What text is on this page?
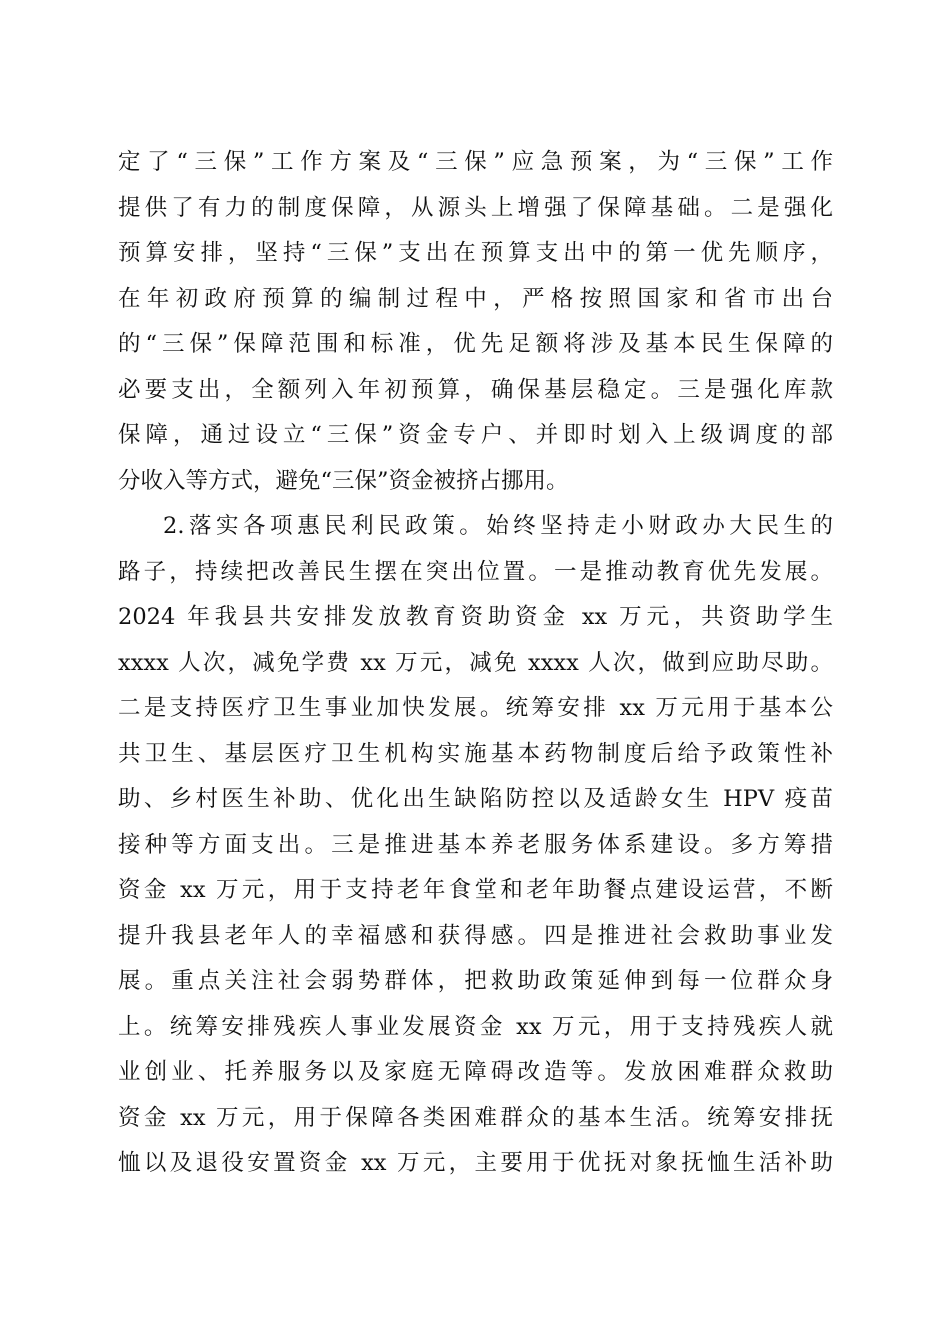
定了“三保”工作方案及“三保”应急预案，为“三保”工作
提供了有力的制度保障，从源头上增强了保障基础。二是强化
预算安排，坚持“三保”支出在预算支出中的第一优先顺序，
在年初政府预算的编制过程中，严格按照国家和省市出台
的“三保”保障范围和标准，优先足额将涉及基本民生保障的
必要支出，全额列入年初预算，确保基层稳定。三是强化库款
保障，通过设立“三保”资金专户、并即时划入上级调度的部
分收入等方式，避免“三保”资金被挤占挪用。
2.落实各项惠民利民政策。始终坚持走小财政办大民生的
路子，持续把改善民生摆在突出位置。一是推动教育优先发展。
2024 年我县共安排发放教育资助资金 xx 万元，共资助学生
xxxx 人次，减免学费 xx 万元，减免 xxxx 人次，做到应助尽助。
二是支持医疗卫生事业加快发展。统筹安排 xx 万元用于基本公
共卫生、基层医疗卫生机构实施基本药物制度后给予政策性补
助、乡村医生补助、优化出生缺陷防控以及适龄女生 HPV 疫苗
接种等方面支出。三是推进基本养老服务体系建设。多方筹措
资金 xx 万元，用于支持老年食堂和老年助餐点建设运营，不断
提升我县老年人的幸福感和获得感。四是推进社会救助事业发
展。重点关注社会弱势群体，把救助政策延伸到每一位群众身
上。统筹安排残疾人事业发展资金 xx 万元，用于支持残疾人就
业创业、托养服务以及家庭无障碍改造等。发放困难群众救助
资金 xx 万元，用于保障各类困难群众的基本生活。统筹安排抚
恤以及退役安置资金 xx 万元，主要用于优抚对象抚恤生活补助
